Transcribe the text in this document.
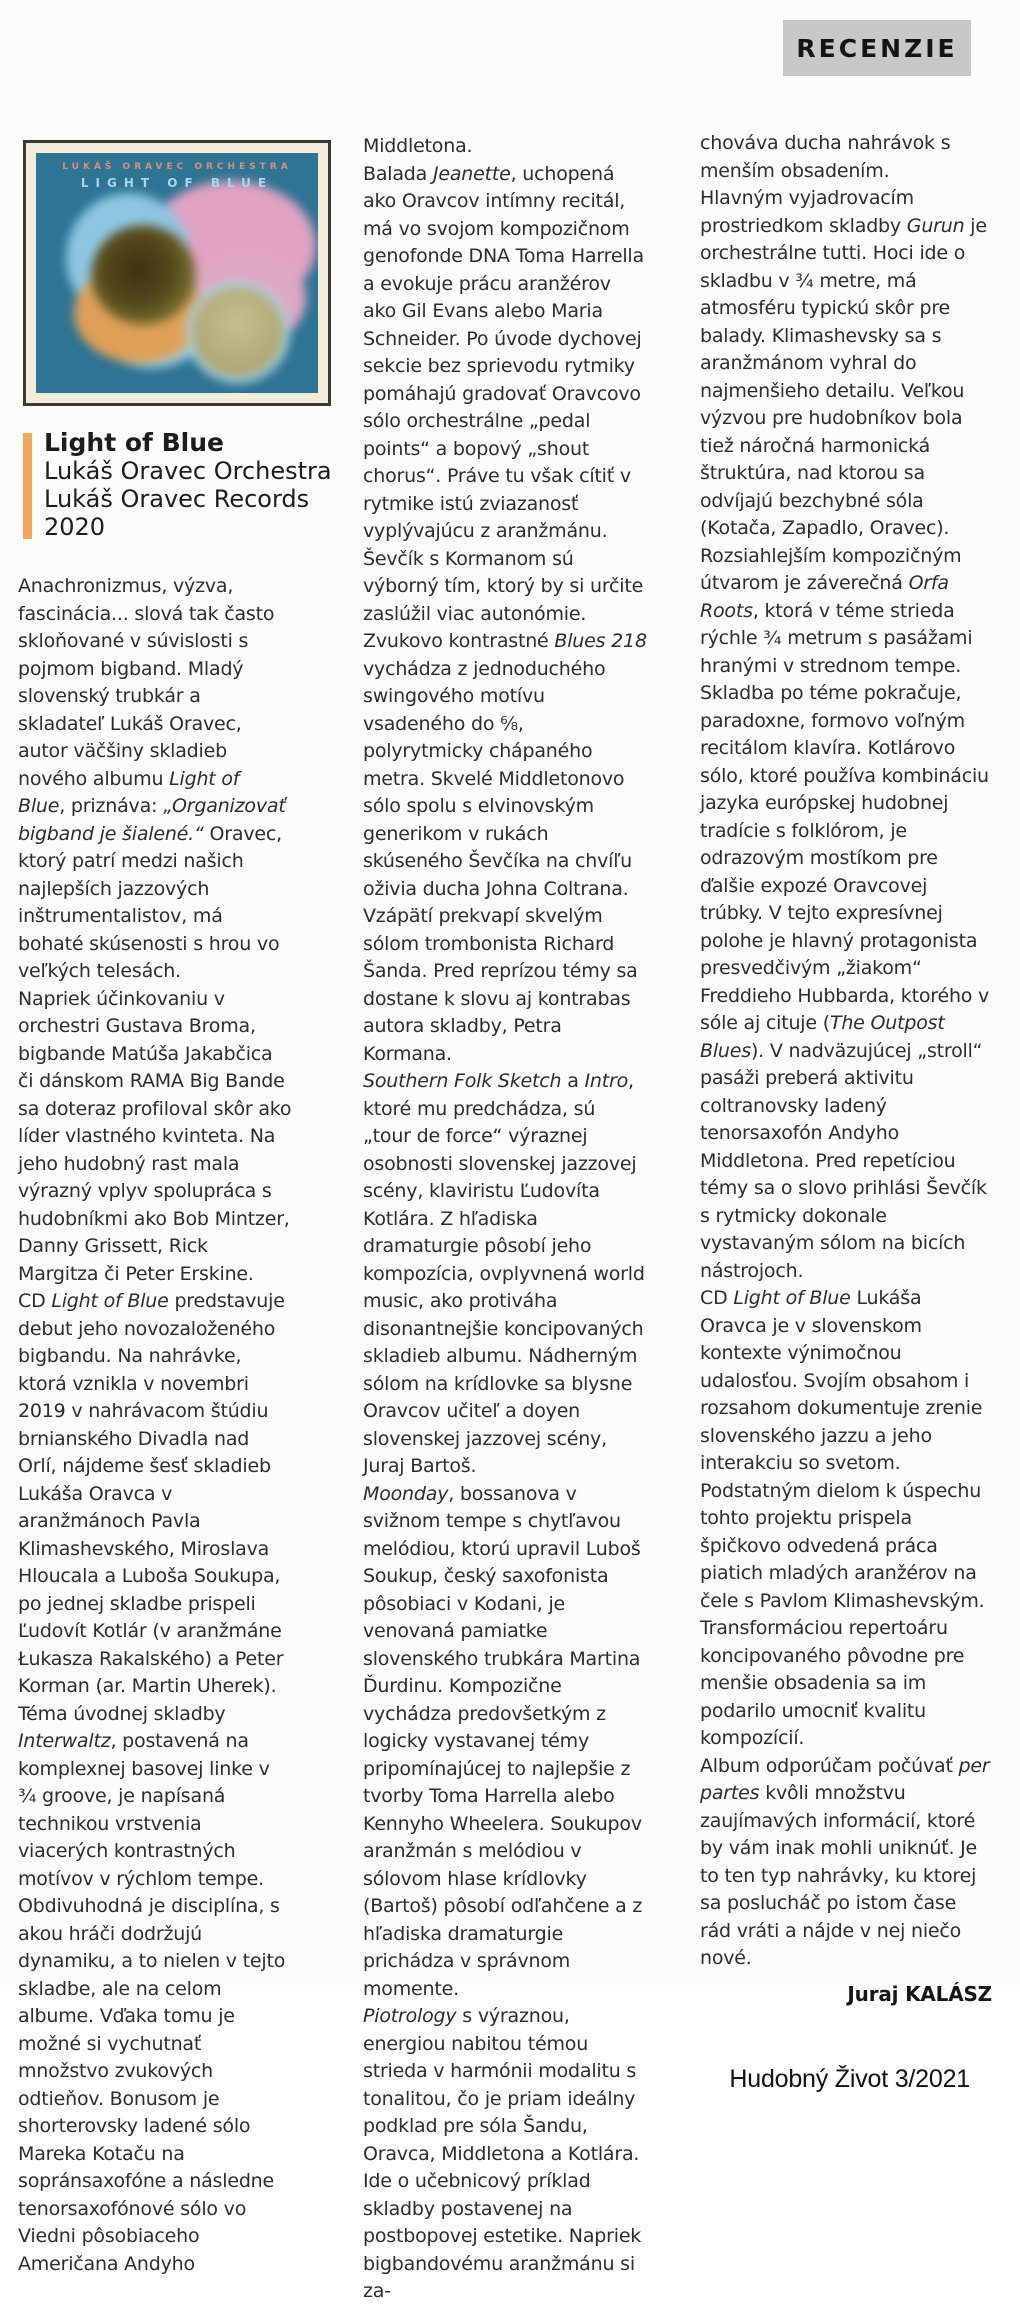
RECENZIE
LUKÁŠ ORAVEC ORCHESTRA
LIGHT OF BLUE
Light of Blue
Lukáš Oravec Orchestra
Lukáš Oravec Records
2020

Anachronizmus, výzva, fascinácia... slová tak často skloňované v súvislosti s pojmom bigband. Mladý slovenský trubkár a skladateľ Lukáš Oravec, autor väčšiny skladieb nového albumu Light of Blue, priznáva: „Organizovať bigband je šialené.“ Oravec, ktorý patrí medzi našich najlepších jazzových inštrumentalistov, má bohaté skúsenosti s hrou vo veľkých telesách.

Napriek účinkovaniu v orchestri Gustava Broma, bigbande Matúša Jakabčica či dánskom RAMA Big Bande sa doteraz profiloval skôr ako líder vlastného kvinteta. Na jeho hudobný rast mala výrazný vplyv spolupráca s hudobníkmi ako Bob Mintzer, Danny Grissett, Rick Margitza či Peter Erskine.

CD Light of Blue predstavuje debut jeho novozaloženého bigbandu. Na nahrávke, ktorá vznikla v novembri 2019 v nahrávacom štúdiu brnianského Divadla nad Orlí, nájdeme šesť skladieb Lukáša Oravca v aranžmánoch Pavla Klimashevského, Miroslava Hloucala a Luboša Soukupa, po jednej skladbe prispeli Ľudovít Kotlár (v aranžmáne Łukasza Rakalského) a Peter Korman (ar. Martin Uherek).

Téma úvodnej skladby Interwaltz, postavená na komplexnej basovej linke v ¾ groove, je napísaná technikou vrstvenia viacerých kontrastných motívov v rýchlom tempe. Obdivuhodná je disciplína, s akou hráči dodržujú dynamiku, a to nielen v tejto skladbe, ale na celom albume. Vďaka tomu je možné si vychutnať množstvo zvukových odtieňov. Bonusom je shorterovsky ladené sólo Mareka Kotaču na sopránsaxofóne a následne tenorsaxofónové sólo vo Viedni pôsobiaceho Američana Andyho

Middletona.

Balada Jeanette, uchopená ako Oravcov intímny recitál, má vo svojom kompozičnom genofonde DNA Toma Harrella a evokuje prácu aranžérov ako Gil Evans alebo Maria Schneider. Po úvode dychovej sekcie bez sprievodu rytmiky pomáhajú gradovať Oravcovo sólo orchestrálne „pedal points“ a bopový „shout chorus“. Práve tu však cítiť v rytmike istú zviazanosť vyplývajúcu z aranžmánu. Ševčík s Kormanom sú výborný tím, ktorý by si určite zaslúžil viac autonómie.

Zvukovo kontrastné Blues 218 vychádza z jednoduchého swingového motívu vsadeného do ⁶⁄₈, polyrytmicky chápaného metra. Skvelé Middletonovo sólo spolu s elvinovským generikom v rukách skúseného Ševčíka na chvíľu oživia ducha Johna Coltrana. Vzápätí prekvapí skvelým sólom trombonista Richard Šanda. Pred reprízou témy sa dostane k slovu aj kontrabas autora skladby, Petra Kormana.

Southern Folk Sketch a Intro, ktoré mu predchádza, sú „tour de force“ výraznej osobnosti slovenskej jazzovej scény, klaviristu Ľudovíta Kotlára. Z hľadiska dramaturgie pôsobí jeho kompozícia, ovplyvnená world music, ako protiváha disonantnejšie koncipovaných skladieb albumu. Nádherným sólom na krídlovke sa blysne Oravcov učiteľ a doyen slovenskej jazzovej scény, Juraj Bartoš.

Moonday, bossanova v svižnom tempe s chytľavou melódiou, ktorú upravil Luboš Soukup, český saxofonista pôsobiaci v Kodani, je venovaná pamiatke slovenského trubkára Martina Ďurdinu. Kompozične vychádza predovšetkým z logicky vystavanej témy pripomínajúcej to najlepšie z tvorby Toma Harrella alebo Kennyho Wheelera. Soukupov aranžmán s melódiou v sólovom hlase krídlovky (Bartoš) pôsobí odľahčene a z hľadiska dramaturgie prichádza v správnom momente.

Piotrology s výraznou, energiou nabitou témou strieda v harmónii modalitu s tonalitou, čo je priam ideálny podklad pre sóla Šandu, Oravca, Middletona a Kotlára. Ide o učebnicový príklad skladby postavenej na postbopovej estetike. Napriek bigbandovému aranžmánu si za-

chováva ducha nahrávok s menším obsadením.

Hlavným vyjadrovacím prostriedkom skladby Gurun je orchestrálne tutti. Hoci ide o skladbu v ¾ metre, má atmosféru typickú skôr pre balady. Klimashevsky sa s aranžmánom vyhral do najmenšieho detailu. Veľkou výzvou pre hudobníkov bola tiež náročná harmonická štruktúra, nad ktorou sa odvíjajú bezchybné sóla (Kotača, Zapadlo, Oravec).

Rozsiahlejším kompozičným útvarom je záverečná Orfa Roots, ktorá v téme strieda rýchle ¾ metrum s pasážami hranými v strednom tempe. Skladba po téme pokračuje, paradoxne, formovo voľným recitálom klavíra. Kotlárovo sólo, ktoré používa kombináciu jazyka európskej hudobnej tradície s folklórom, je odrazovým mostíkom pre ďalšie expozé Oravcovej trúbky. V tejto expresívnej polohe je hlavný protagonista presvedčivým „žiakom“ Freddieho Hubbarda, ktorého v sóle aj cituje (The Outpost Blues). V nadväzujúcej „stroll“ pasáži preberá aktivitu coltranovsky ladený tenorsaxofón Andyho Middletona. Pred repetíciou témy sa o slovo prihlási Ševčík s rytmicky dokonale vystavaným sólom na bicích nástrojoch.

CD Light of Blue Lukáša Oravca je v slovenskom kontexte výnimočnou udalosťou. Svojím obsahom i rozsahom dokumentuje zrenie slovenského jazzu a jeho interakciu so svetom. Podstatným dielom k úspechu tohto projektu prispela špičkovo odvedená práca piatich mladých aranžérov na čele s Pavlom Klimashevským. Transformáciou repertoáru koncipovaného pôvodne pre menšie obsadenia sa im podarilo umocniť kvalitu kompozícií.

Album odporúčam počúvať per partes kvôli množstvu zaujímavých informácií, ktoré by vám inak mohli uniknúť. Je to ten typ nahrávky, ku ktorej sa poslucháč po istom čase rád vráti a nájde v nej niečo nové.

Juraj KALÁSZ
Hudobný Život 3/2021
